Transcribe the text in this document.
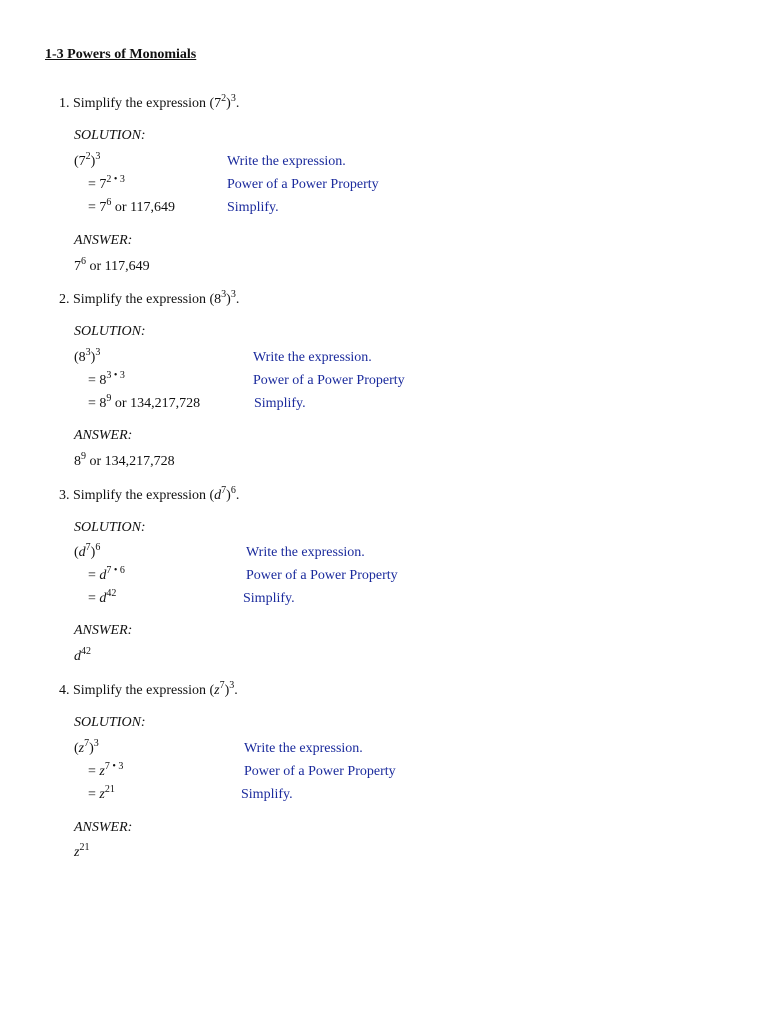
1-3 Powers of Monomials
1. Simplify the expression $(7^2)^3$.
SOLUTION:
$(7^2)^3$	Write the expression.
= $7^{2 • 3}$	Power of a Power Property
= $7^6$ or 117,649	Simplify.
ANSWER:
$7^6$ or 117,649
2. Simplify the expression $(8^3)^3$.
SOLUTION:
$(8^3)^3$	Write the expression.
= $8^{3 • 3}$	Power of a Power Property
= $8^9$ or 134,217,728	Simplify.
ANSWER:
$8^9$ or 134,217,728
3. Simplify the expression $(d^7)^6$.
SOLUTION:
$(d^7)^6$	Write the expression.
= $d^{7 • 6}$	Power of a Power Property
= $d^{42}$	Simplify.
ANSWER:
$d^{42}$
4. Simplify the expression $(z^7)^3$.
SOLUTION:
$(z^7)^3$	Write the expression.
= $z^{7 • 3}$	Power of a Power Property
= $z^{21}$	Simplify.
ANSWER:
$z^{21}$
